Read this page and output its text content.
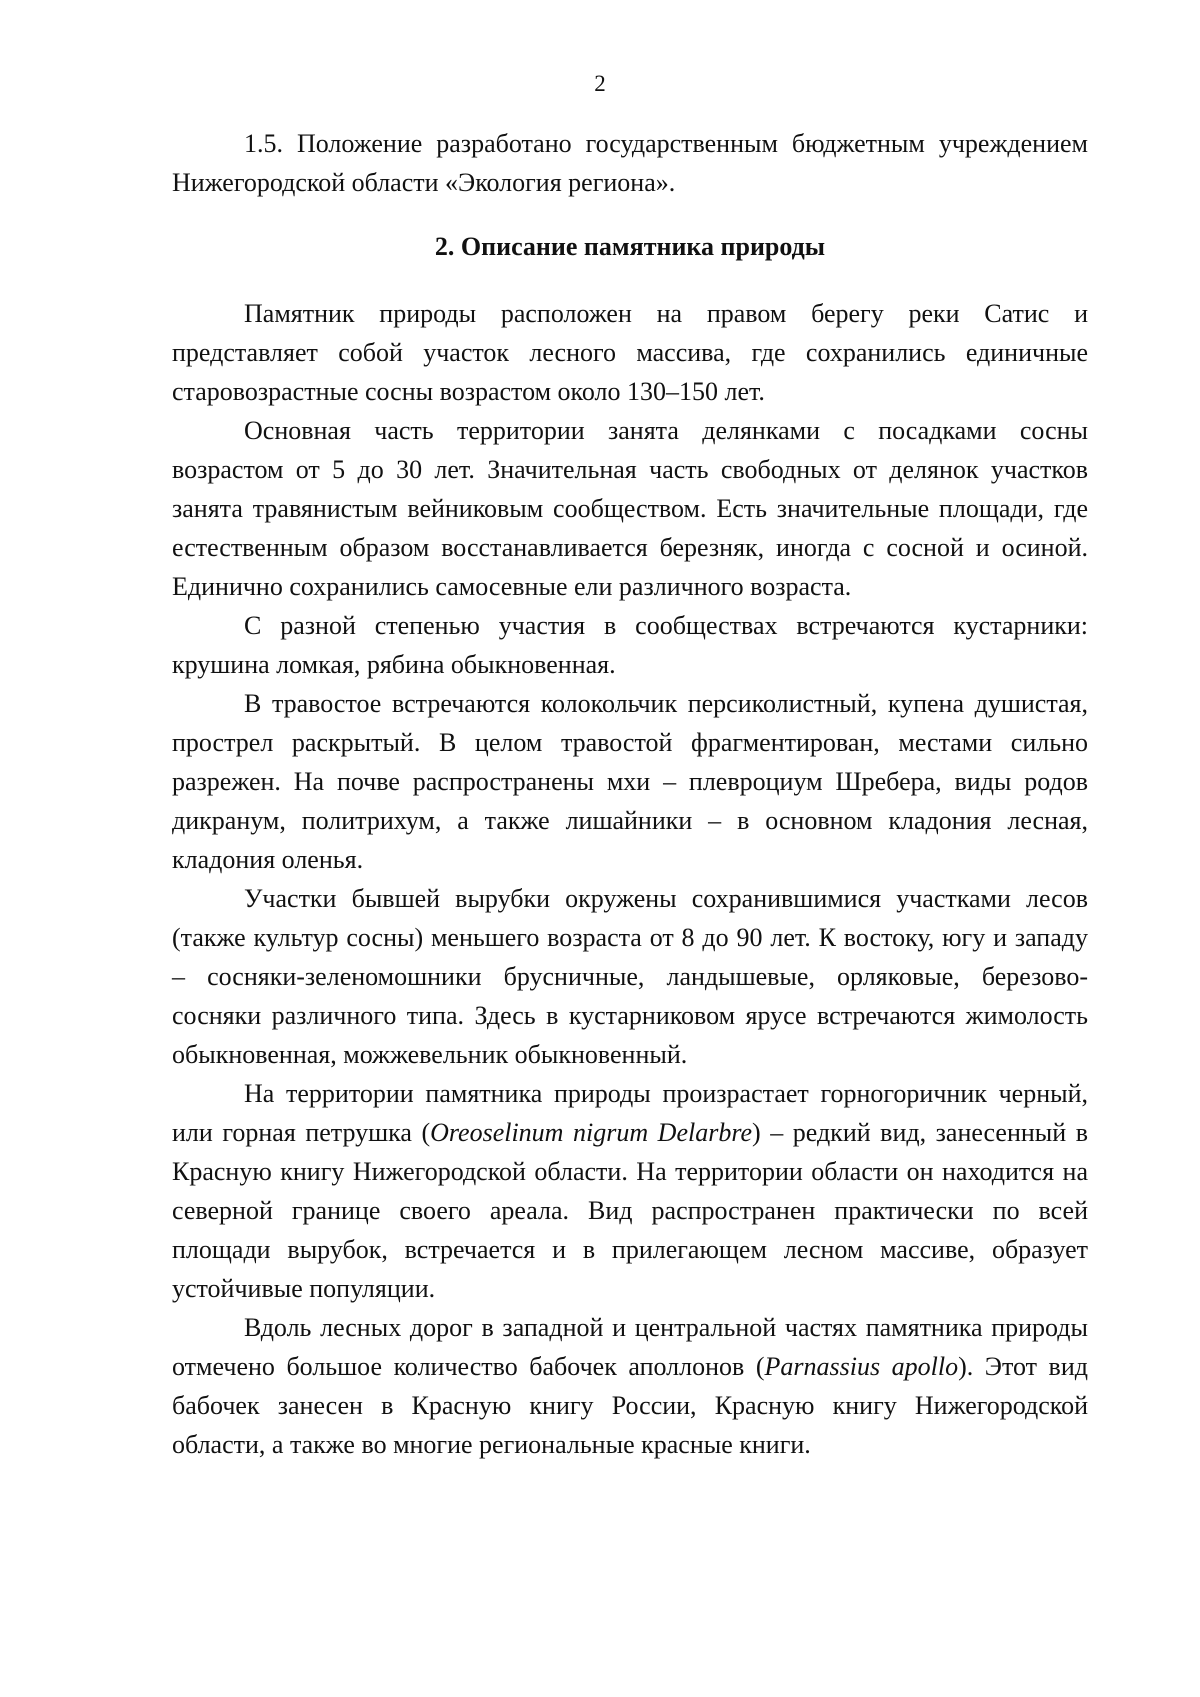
2

1.5. Положение разработано государственным бюджетным учреждением Нижегородской области «Экология региона».

2. Описание памятника природы

Памятник природы расположен на правом берегу реки Сатис и представляет собой участок лесного массива, где сохранились единичные старовозрастные сосны возрастом около 130–150 лет.

Основная часть территории занята делянками с посадками сосны возрастом от 5 до 30 лет. Значительная часть свободных от делянок участков занята травянистым вейниковым сообществом. Есть значительные площади, где естественным образом восстанавливается березняк, иногда с сосной и осиной. Единично сохранились самосевные ели различного возраста.

С разной степенью участия в сообществах встречаются кустарники: крушина ломкая, рябина обыкновенная.

В травостое встречаются колокольчик персиколистный, купена душистая, прострел раскрытый. В целом травостой фрагментирован, местами сильно разрежен. На почве распространены мхи – плевроциум Шребера, виды родов дикранум, политрихум, а также лишайники – в основном кладония лесная, кладония оленья.

Участки бывшей вырубки окружены сохранившимися участками лесов (также культур сосны) меньшего возраста от 8 до 90 лет. К востоку, югу и западу – сосняки-зеленомошники брусничные, ландышевые, орляковые, березово-сосняки различного типа. Здесь в кустарниковом ярусе встречаются жимолость обыкновенная, можжевельник обыкновенный.

На территории памятника природы произрастает горногоричник черный, или горная петрушка (Oreoselinum nigrum Delarbre) – редкий вид, занесенный в Красную книгу Нижегородской области. На территории области он находится на северной границе своего ареала. Вид распространен практически по всей площади вырубок, встречается и в прилегающем лесном массиве, образует устойчивые популяции.

Вдоль лесных дорог в западной и центральной частях памятника природы отмечено большое количество бабочек аполлонов (Parnassius apollo). Этот вид бабочек занесен в Красную книгу России, Красную книгу Нижегородской области, а также во многие региональные красные книги.
